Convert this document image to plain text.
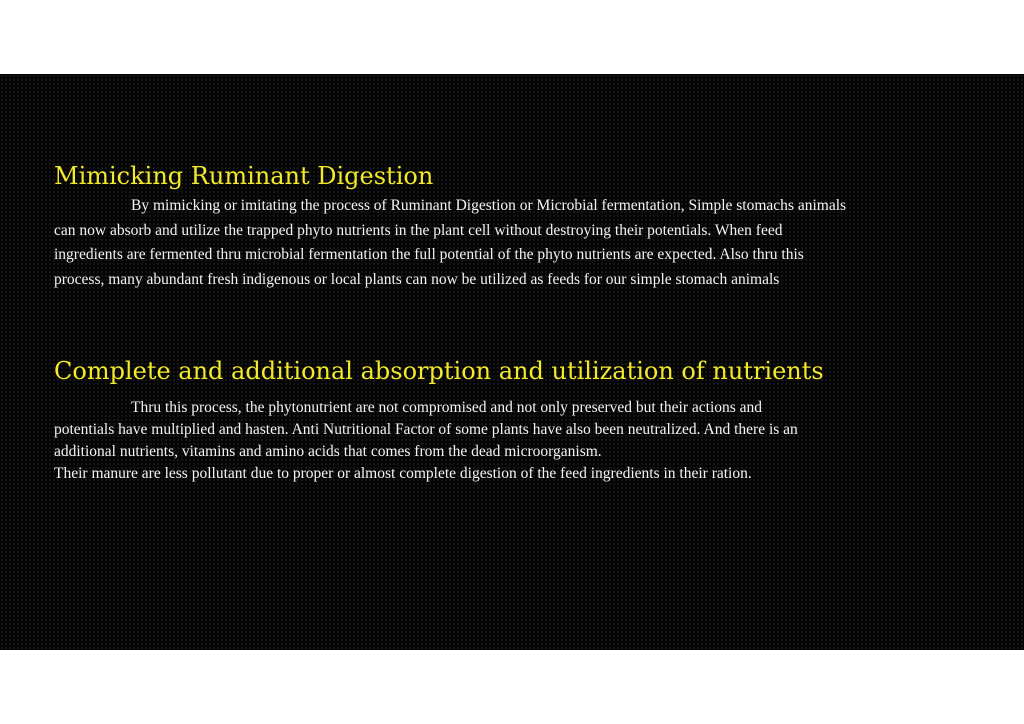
Mimicking Ruminant Digestion

By mimicking or imitating the process of Ruminant Digestion or Microbial fermentation, Simple stomachs animals
can now absorb and utilize the trapped phyto nutrients in the plant cell without destroying their potentials. When feed
ingredients are fermented thru microbial fermentation the full potential of the phyto nutrients are expected. Also thru this
process, many abundant fresh indigenous or local plants can now be utilized as feeds for our simple stomach animals

Complete and additional absorption and utilization of nutrients

Thru this process, the phytonutrient are not compromised and not only preserved but their actions and
potentials have multiplied and hasten. Anti Nutritional Factor of some plants have also been neutralized. And there is an
additional nutrients, vitamins and amino acids that comes from the dead microorganism.
Their manure are less pollutant due to proper or almost complete digestion of the feed ingredients in their ration.
